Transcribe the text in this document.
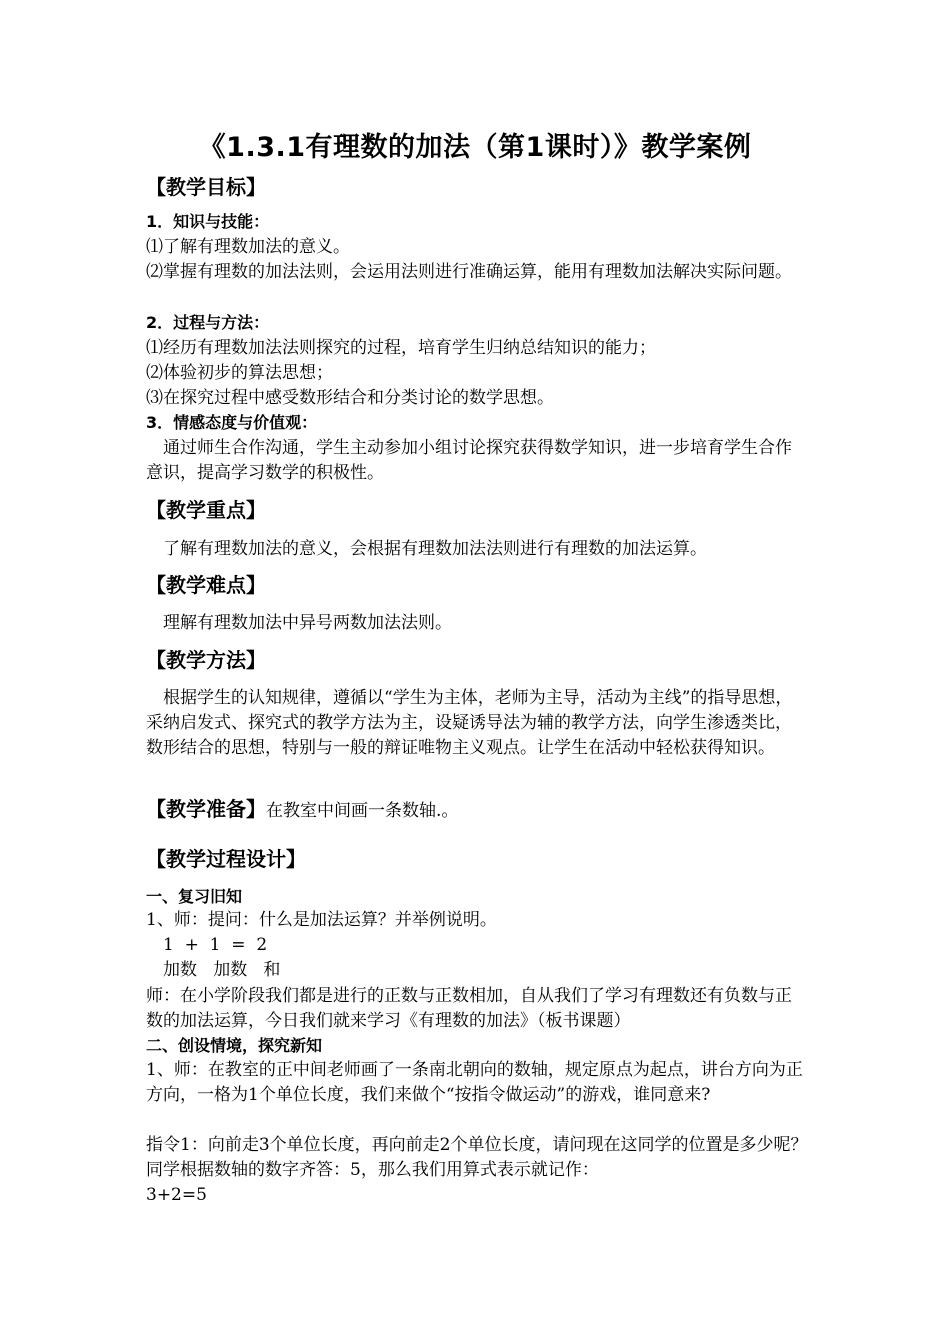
《1.3.1有理数的加法（第1课时）》教学案例
【教学目标】
1．知识与技能：
⑴了解有理数加法的意义。
⑵掌握有理数的加法法则，会运用法则进行准确运算，能用有理数加法解决实际问题。
2．过程与方法：
⑴经历有理数加法法则探究的过程，培育学生归纳总结知识的能力；
⑵体验初步的算法思想；
⑶在探究过程中感受数形结合和分类讨论的数学思想。
3．情感态度与价值观：
通过师生合作沟通，学生主动参加小组讨论探究获得数学知识，进一步培育学生合作意识，提高学习数学的积极性。
【教学重点】
了解有理数加法的意义，会根据有理数加法法则进行有理数的加法运算。
【教学难点】
理解有理数加法中异号两数加法法则。
【教学方法】
根据学生的认知规律，遵循以“学生为主体，老师为主导，活动为主线”的指导思想，采纳启发式、探究式的教学方法为主，设疑诱导法为辅的教学方法，向学生渗透类比，数形结合的思想，特别与一般的辩证唯物主义观点。让学生在活动中轻松获得知识。
【教学准备】在教室中间画一条数轴.。
【教学过程设计】
一、复习旧知
1、师：提问：什么是加法运算？并举例说明。
1  +  1  =  2
加数   加数   和
师：在小学阶段我们都是进行的正数与正数相加，自从我们了学习有理数还有负数与正数的加法运算，今日我们就来学习《有理数的加法》（板书课题）
二、创设情境，探究新知
1、师：在教室的正中间老师画了一条南北朝向的数轴，规定原点为起点，讲台方向为正方向，一格为1个单位长度，我们来做个“按指令做运动”的游戏，谁同意来?
指令1：向前走3个单位长度，再向前走2个单位长度，请问现在这同学的位置是多少呢？同学根据数轴的数字齐答：5，那么我们用算式表示就记作：
3+2=5
